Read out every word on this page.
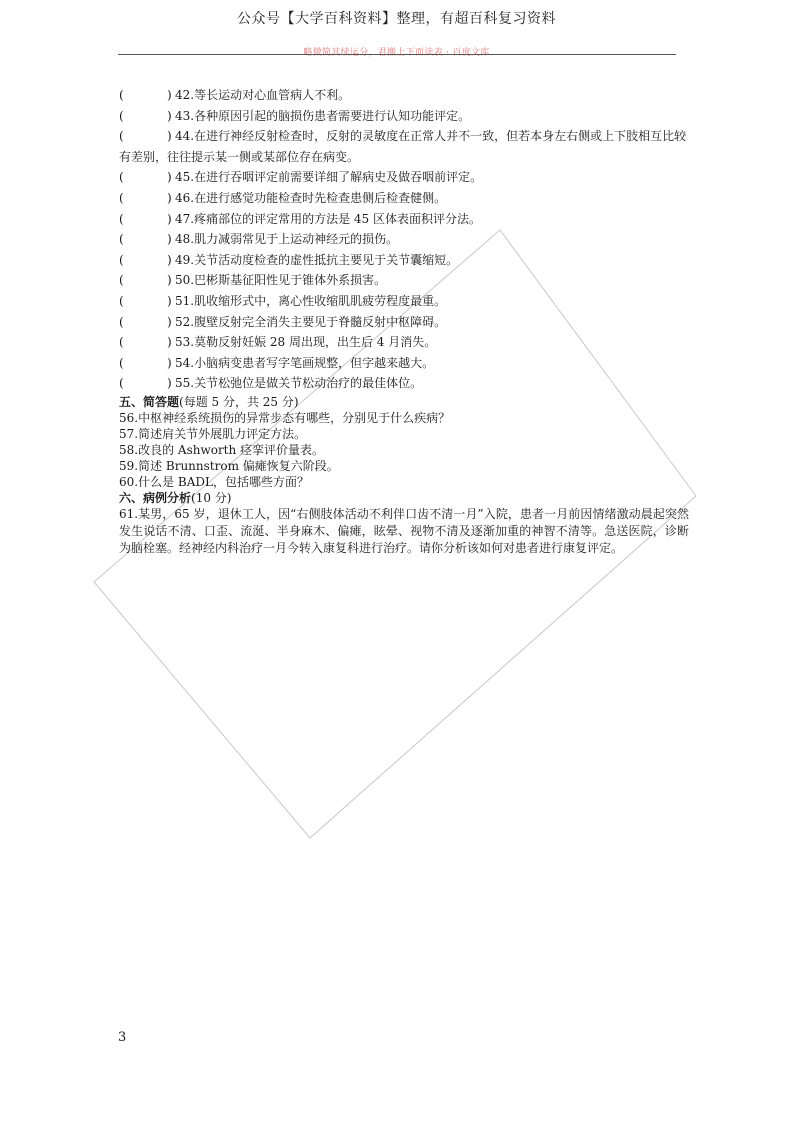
公众号【大学百科资料】整理，有超百科复习资料
略微简其续运分，君搬上下面读表 · 百度文库
(	) 42.等长运动对心血管病人不利。
(	) 43.各种原因引起的脑损伤患者需要进行认知功能评定。
(	) 44.在进行神经反射检查时，反射的灵敏度在正常人并不一致，但若本身左右侧或上下肢相互比较有差别，往往提示某一侧或某部位存在病变。
(	) 45.在进行吞咽评定前需要详细了解病史及做吞咽前评定。
(	) 46.在进行感觉功能检查时先检查患侧后检查健侧。
(	) 47.疼痛部位的评定常用的方法是 45 区体表面积评分法。
(	) 48.肌力减弱常见于上运动神经元的损伤。
(	) 49.关节活动度检查的虚性抵抗主要见于关节囊缩短。
(	) 50.巴彬斯基征阳性见于锥体外系损害。
(	) 51.肌收缩形式中，离心性收缩肌肌疲劳程度最重。
(	) 52.腹壁反射完全消失主要见于脊髓反射中枢障碍。
(	) 53.莫勒反射妊娠 28 周出现，出生后 4 月消失。
(	) 54.小脑病变患者写字笔画规整，但字越来越大。
(	) 55.关节松弛位是做关节松动治疗的最佳体位。
五、简答题(每题 5 分，共 25 分)
56.中枢神经系统损伤的异常步态有哪些，分别见于什么疾病？
57.简述肩关节外展肌力评定方法。
58.改良的 Ashworth 痉挛评价量表。
59.简述 Brunnstrom 偏瘫恢复六阶段。
60.什么是 BADL，包括哪些方面？
六、病例分析(10 分)
61.某男，65 岁，退休工人，因“右侧肢体活动不利伴口齿不清一月”入院，患者一月前因情绪激动晨起突然发生说话不清、口歪、流涎、半身麻木、偏瘫，眩晕、视物不清及逐渐加重的神智不清等。急送医院，诊断为脑栓塞。经神经内科治疗一月今转入康复科进行治疗。请你分析该如何对患者进行康复评定。
3
